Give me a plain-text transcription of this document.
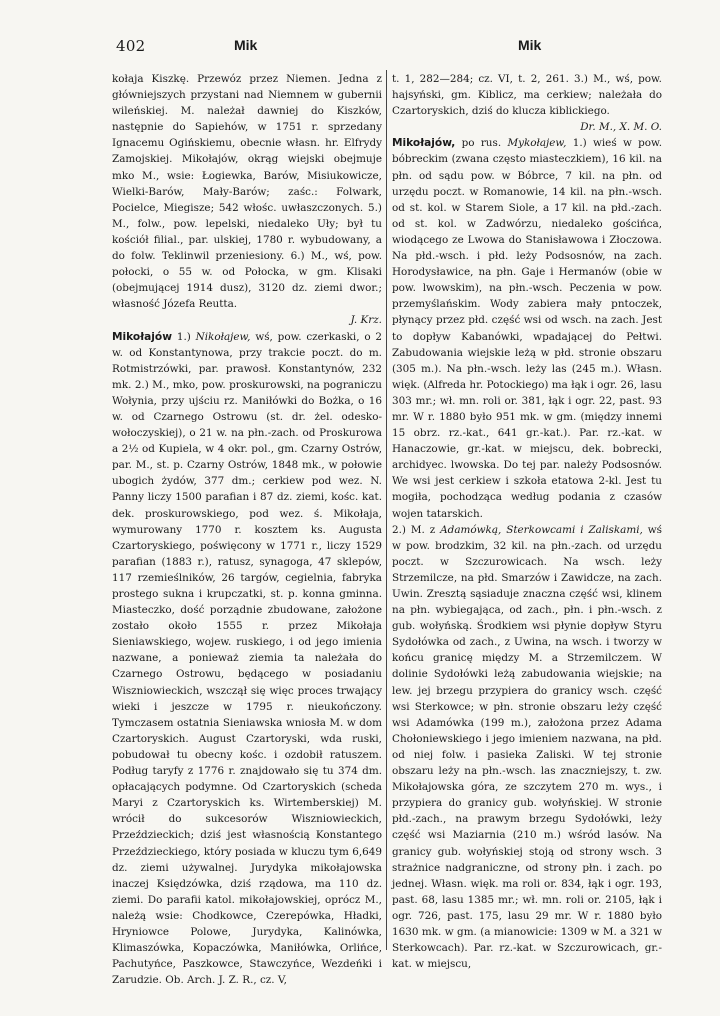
402	Mik	Mik

kołaja Kiszkę. Przewóz przez Niemen. Jedna z główniejszych przystani nad Niemnem w gubernii wileńskiej. M. należał dawniej do Kiszków, następnie do Sapiehów, w 1751 r. sprzedany Ignacemu Ogińskiemu, obecnie własn. hr. Elfrydy Zamojskiej. Mikołajów, okrąg wiejski obejmuje mko M., wsie: Łogiewka, Barów, Misiukowicze, Wielki-Barów, Mały-Barów; zaśc.: Folwark, Pocielce, Miegisze; 542 włośc. uwłaszczonych. 5.) M., folw., pow. lepelski, niedaleko Uły; był tu kościół filial., par. ulskiej, 1780 r. wybudowany, a do folw. Teklinwil przeniesiony. 6.) M., wś, pow. połocki, o 55 w. od Połocka, w gm. Klisaki (obejmującej 1914 dusz), 3120 dz. ziemi dwor.; własność Józefa Reutta.

J. Krz.

Mikołajów 1.) Nikołajew, wś, pow. czerkaski, o 2 w. od Konstantynowa, przy trakcie poczt. do m. Rotmistrzówki, par. prawosł. Konstantynów, 232 mk. 2.) M., mko, pow. proskurowski, na pograniczu Wołynia, przy ujściu rz. Maniłówki do Bożka, o 16 w. od Czarnego Ostrowu (st. dr. żel. odesko-wołoczyskiej), o 21 w. na płn.-zach. od Proskurowa a 2½ od Kupiela, w 4 okr. pol., gm. Czarny Ostrów, par. M., st. p. Czarny Ostrów, 1848 mk., w połowie ubogich żydów, 377 dm.; cerkiew pod wez. N. Panny liczy 1500 parafian i 87 dz. ziemi, kośc. kat. dek. proskurowskiego, pod wez. ś. Mikołaja, wymurowany 1770 r. kosztem ks. Augusta Czartoryskiego, poświęcony w 1771 r., liczy 1529 parafian (1883 r.), ratusz, synagoga, 47 sklepów, 117 rzemieślników, 26 targów, cegielnia, fabryka prostego sukna i krupczatki, st. p. konna gminna. Miasteczko, dość porządnie zbudowane, założone zostało około 1555 r. przez Mikołaja Sieniawskiego, wojew. ruskiego, i od jego imienia nazwane, a ponieważ ziemia ta należała do Czarnego Ostrowu, będącego w posiadaniu Wiszniowieckich, wszczął się więc proces trwający wieki i jeszcze w 1795 r. nieukończony. Tymczasem ostatnia Sieniawska wniosła M. w dom Czartoryskich. August Czartoryski, wda ruski, pobudował tu obecny kośc. i ozdobił ratuszem. Podług taryfy z 1776 r. znajdowało się tu 374 dm. opłacających podymne. Od Czartoryskich (scheda Maryi z Czartoryskich ks. Wirtemberskiej) M. wrócił do sukcesorów Wiszniowieckich, Przeździeckich; dziś jest własnością Konstantego Przeździeckiego, który posiada w kluczu tym 6,649 dz. ziemi używalnej. Jurydyka mikołajowska inaczej Księdzówka, dziś rządowa, ma 110 dz. ziemi. Do parafii katol. mikołajowskiej, oprócz M., należą wsie: Chodkowce, Czerepówka, Hładki, Hryniowce Polowe, Jurydyka, Kalinówka, Klimaszówka, Kopaczówka, Maniłówka, Orlińce, Pachutyńce, Paszkowce, Stawczyńce, Wezdeńki i Zarudzie. Ob. Arch. J. Z. R., cz. V,

t. 1, 282—284; cz. VI, t. 2, 261. 3.) M., wś, pow. hajsyński, gm. Kiblicz, ma cerkiew; należała do Czartoryskich, dziś do klucza kiblickiego.

Dr. M., X. M. O.

Mikołajów, po rus. Mykołajew, 1.) wieś w pow. bóbreckim (zwana często miasteczkiem), 16 kil. na płn. od sądu pow. w Bóbrce, 7 kil. na płn. od urzędu poczt. w Romanowie, 14 kil. na płn.-wsch. od st. kol. w Starem Siole, a 17 kil. na płd.-zach. od st. kol. w Zadwórzu, niedaleko gościńca, wiodącego ze Lwowa do Stanisławowa i Złoczowa. Na płd.-wsch. i płd. leży Podsosnów, na zach. Horodysławice, na płn. Gaje i Hermanów (obie w pow. lwowskim), na płn.-wsch. Peczenia w pow. przemyślańskim. Wody zabiera mały pntoczek, płynący przez płd. część wsi od wsch. na zach. Jest to dopływ Kabanówki, wpadającej do Pełtwi. Zabudowania wiejskie leżą w płd. stronie obszaru (305 m.). Na płn.-wsch. leży las (245 m.). Własn. więk. (Alfreda hr. Potockiego) ma łąk i ogr. 26, lasu 303 mr.; wł. mn. roli or. 381, łąk i ogr. 22, past. 93 mr. W r. 1880 było 951 mk. w gm. (między innemi 15 obrz. rz.-kat., 641 gr.-kat.). Par. rz.-kat. w Hanaczowie, gr.-kat. w miejscu, dek. bobrecki, archidyec. lwowska. Do tej par. należy Podsosnów. We wsi jest cerkiew i szkoła etatowa 2-kl. Jest tu mogiła, pochodząca według podania z czasów wojen tatarskich.

2.) M. z Adamówką, Sterkowcami i Zaliskami, wś w pow. brodzkim, 32 kil. na płn.-zach. od urzędu poczt. w Szczurowicach. Na wsch. leży Strzemilcze, na płd. Smarzów i Zawidcze, na zach. Uwin. Zresztą sąsiaduje znaczna część wsi, klinem na płn. wybiegająca, od zach., płn. i płn.-wsch. z gub. wołyńską. Środkiem wsi płynie dopływ Styru Sydołówka od zach., z Uwina, na wsch. i tworzy w końcu granicę między M. a Strzemilczem. W dolinie Sydołówki leżą zabudowania wiejskie; na lew. jej brzegu przypiera do granicy wsch. część wsi Sterkowce; w płn. stronie obszaru leży część wsi Adamówka (199 m.), założona przez Adama Chołoniewskiego i jego imieniem nazwana, na płd. od niej folw. i pasieka Zaliski. W tej stronie obszaru leży na płn.-wsch. las znaczniejszy, t. zw. Mikołajowska góra, ze szczytem 270 m. wys., i przypiera do granicy gub. wołyńskiej. W stronie płd.-zach., na prawym brzegu Sydołówki, leży część wsi Maziarnia (210 m.) wśród lasów. Na granicy gub. wołyńskiej stoją od strony wsch. 3 strażnice nadgraniczne, od strony płn. i zach. po jednej. Własn. więk. ma roli or. 834, łąk i ogr. 193, past. 68, lasu 1385 mr.; wł. mn. roli or. 2105, łąk i ogr. 726, past. 175, lasu 29 mr. W r. 1880 było 1630 mk. w gm. (a mianowicie: 1309 w M. a 321 w Sterkowcach). Par. rz.-kat. w Szczurowicach, gr.-kat. w miejscu,
